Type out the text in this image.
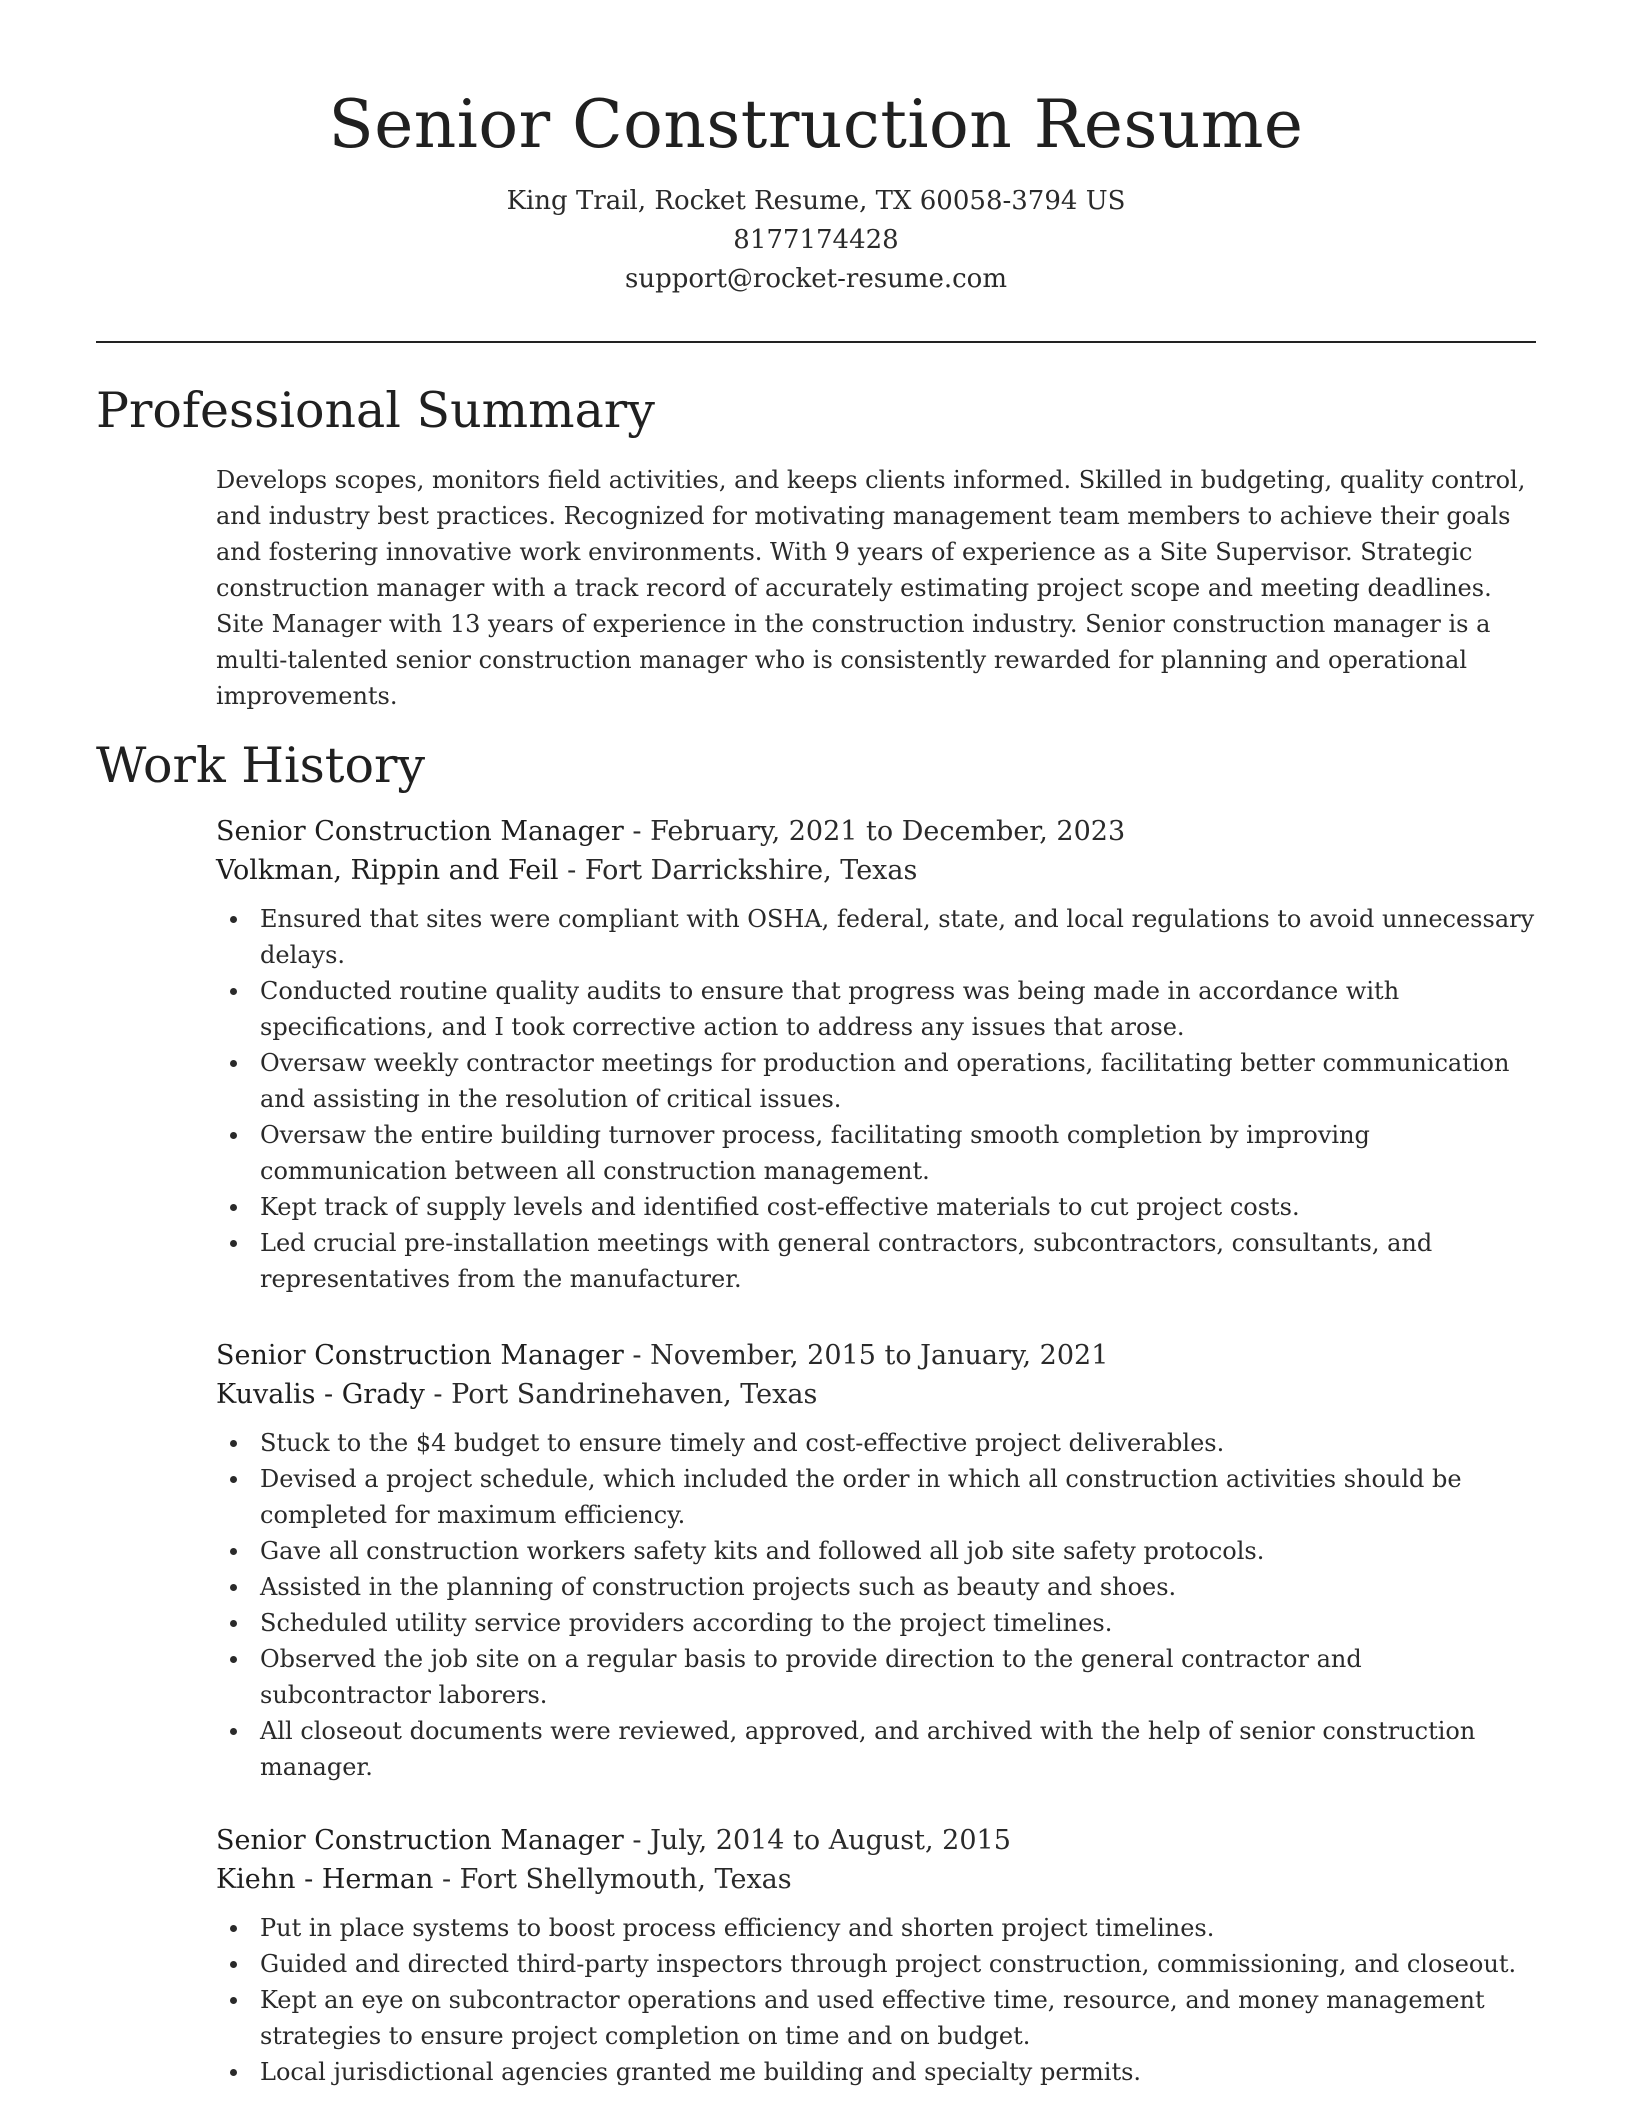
Senior Construction Resume
King Trail, Rocket Resume, TX 60058-3794 US
8177174428
support@rocket-resume.com
Professional Summary

Develops scopes, monitors field activities, and keeps clients informed. Skilled in budgeting, quality control, and industry best practices. Recognized for motivating management team members to achieve their goals and fostering innovative work environments. With 9 years of experience as a Site Supervisor. Strategic construction manager with a track record of accurately estimating project scope and meeting deadlines. Site Manager with 13 years of experience in the construction industry. Senior construction manager is a multi-talented senior construction manager who is consistently rewarded for planning and operational improvements.

Work History
Senior Construction Manager - February, 2021 to December, 2023
Volkman, Rippin and Feil - Fort Darrickshire, Texas
Ensured that sites were compliant with OSHA, federal, state, and local regulations to avoid unnecessary delays.
Conducted routine quality audits to ensure that progress was being made in accordance with specifications, and I took corrective action to address any issues that arose.
Oversaw weekly contractor meetings for production and operations, facilitating better communication and assisting in the resolution of critical issues.
Oversaw the entire building turnover process, facilitating smooth completion by improving communication between all construction management.
Kept track of supply levels and identified cost-effective materials to cut project costs.
Led crucial pre-installation meetings with general contractors, subcontractors, consultants, and representatives from the manufacturer.
Senior Construction Manager - November, 2015 to January, 2021
Kuvalis - Grady - Port Sandrinehaven, Texas
Stuck to the $4 budget to ensure timely and cost-effective project deliverables.
Devised a project schedule, which included the order in which all construction activities should be completed for maximum efficiency.
Gave all construction workers safety kits and followed all job site safety protocols.
Assisted in the planning of construction projects such as beauty and shoes.
Scheduled utility service providers according to the project timelines.
Observed the job site on a regular basis to provide direction to the general contractor and subcontractor laborers.
All closeout documents were reviewed, approved, and archived with the help of senior construction manager.
Senior Construction Manager - July, 2014 to August, 2015
Kiehn - Herman - Fort Shellymouth, Texas
Put in place systems to boost process efficiency and shorten project timelines.
Guided and directed third-party inspectors through project construction, commissioning, and closeout.
Kept an eye on subcontractor operations and used effective time, resource, and money management strategies to ensure project completion on time and on budget.
Local jurisdictional agencies granted me building and specialty permits.
